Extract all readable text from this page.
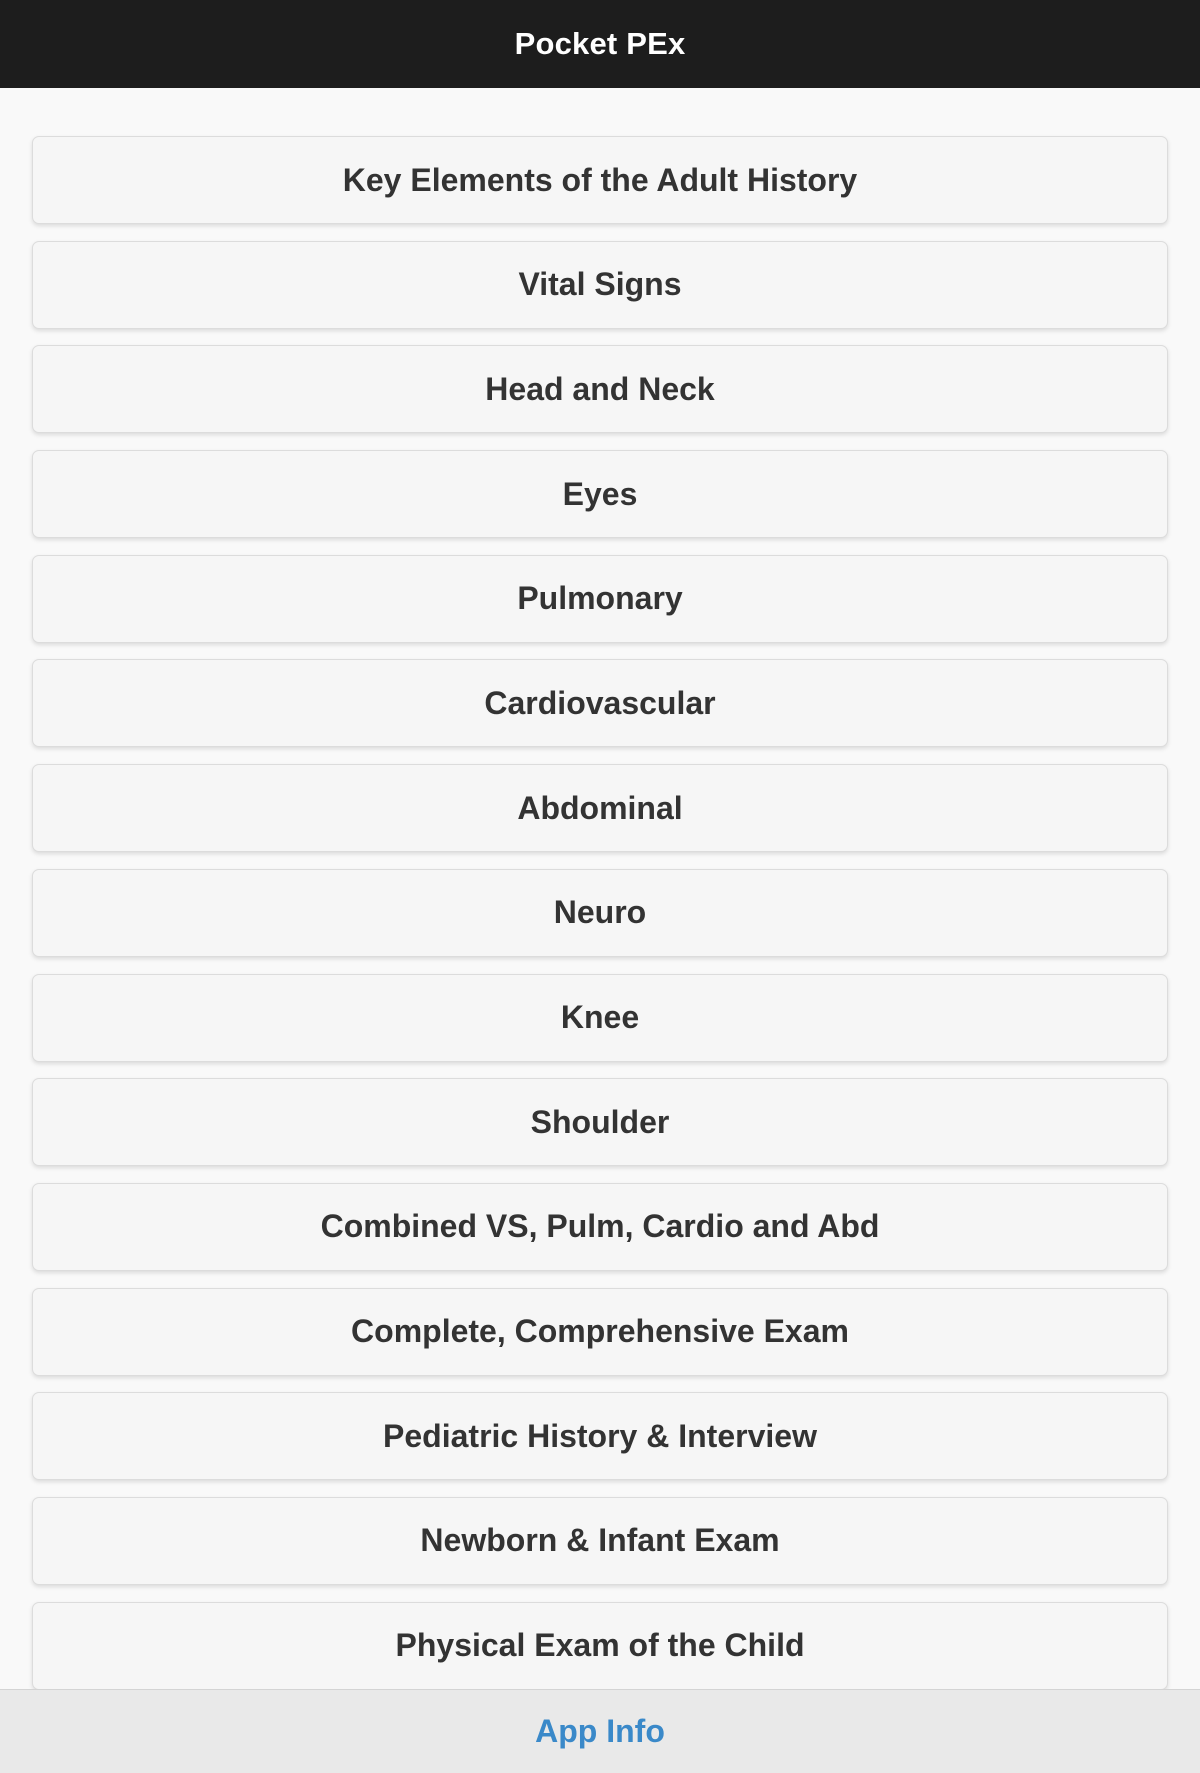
Pocket PEx
Key Elements of the Adult History
Vital Signs
Head and Neck
Eyes
Pulmonary
Cardiovascular
Abdominal
Neuro
Knee
Shoulder
Combined VS, Pulm, Cardio and Abd
Complete, Comprehensive Exam
Pediatric History & Interview
Newborn & Infant Exam
Physical Exam of the Child
App Info
